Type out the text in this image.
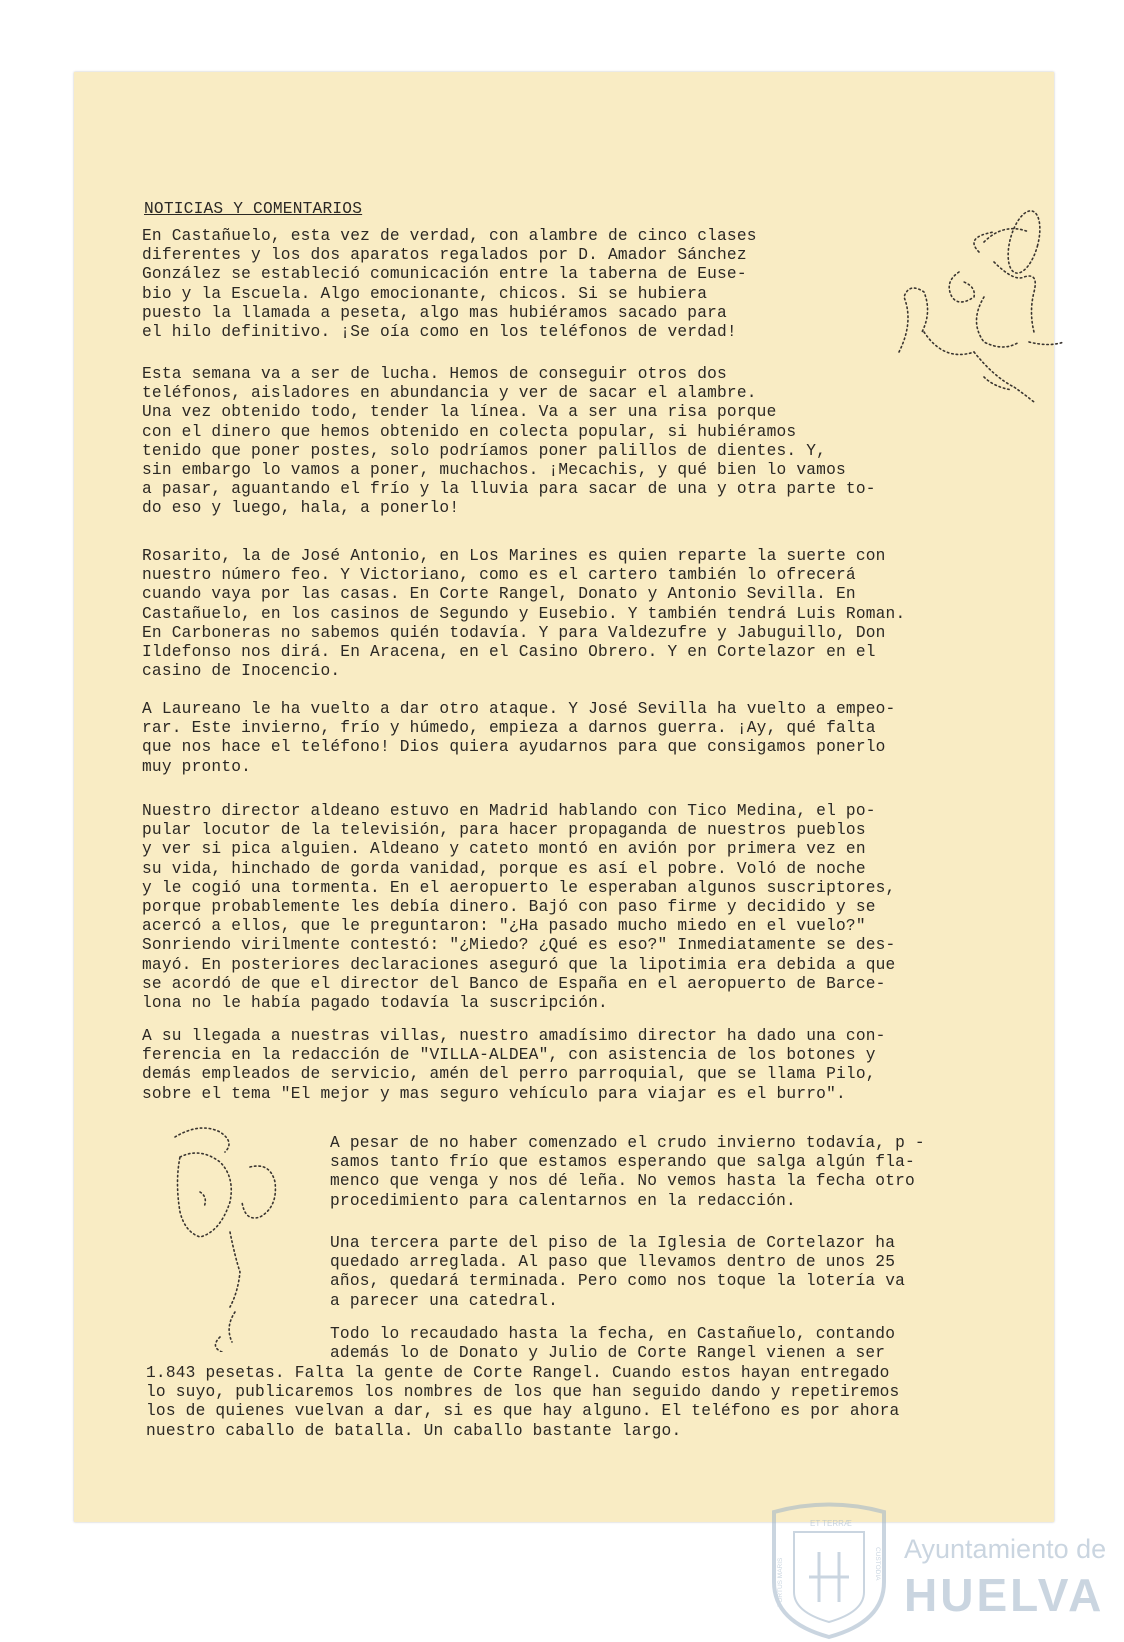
NOTICIAS_Y_COMENTARIOS

En Castañuelo, esta vez de verdad, con alambre de cinco clases
diferentes y los dos aparatos regalados por D. Amador Sánchez
González se estableció comunicación entre la taberna de Euse-
bio y la Escuela. Algo emocionante, chicos. Si se hubiera
puesto la llamada a peseta, algo mas hubiéramos sacado para
el hilo definitivo. ¡Se oía como en los teléfonos de verdad!

Esta semana va a ser de lucha. Hemos de conseguir otros dos
teléfonos, aisladores en abundancia y ver de sacar el alambre.
Una vez obtenido todo, tender la línea. Va a ser una risa porque
con el dinero que hemos obtenido en colecta popular, si hubiéramos
tenido que poner postes, solo podríamos poner palillos de dientes. Y,
sin embargo lo vamos a poner, muchachos. ¡Mecachis, y qué bien lo vamos
a pasar, aguantando el frío y la lluvia para sacar de una y otra parte to-
do eso y luego, hala, a ponerlo!

Rosarito, la de José Antonio, en Los Marines es quien reparte la suerte con
nuestro número feo. Y Victoriano, como es el cartero también lo ofrecerá
cuando vaya por las casas. En Corte Rangel, Donato y Antonio Sevilla. En
Castañuelo, en los casinos de Segundo y Eusebio. Y también tendrá Luis Roman.
En Carboneras no sabemos quién todavía. Y para Valdezufre y Jabuguillo, Don
Ildefonso nos dirá. En Aracena, en el Casino Obrero. Y en Cortelazor en el
casino de Inocencio.

A Laureano le ha vuelto a dar otro ataque. Y José Sevilla ha vuelto a empeo-
rar. Este invierno, frío y húmedo, empieza a darnos guerra. ¡Ay, qué falta
que nos hace el teléfono! Dios quiera ayudarnos para que consigamos ponerlo
muy pronto.

Nuestro director aldeano estuvo en Madrid hablando con Tico Medina, el po-
pular locutor de la televisión, para hacer propaganda de nuestros pueblos
y ver si pica alguien. Aldeano y cateto montó en avión por primera vez en
su vida, hinchado de gorda vanidad, porque es así el pobre. Voló de noche
y le cogió una tormenta. En el aeropuerto le esperaban algunos suscriptores,
porque probablemente les debía dinero. Bajó con paso firme y decidido y se
acercó a ellos, que le preguntaron: "¿Ha pasado mucho miedo en el vuelo?"
Sonriendo virilmente contestó: "¿Miedo? ¿Qué es eso?" Inmediatamente se des-
mayó. En posteriores declaraciones aseguró que la lipotimia era debida a que
se acordó de que el director del Banco de España en el aeropuerto de Barce-
lona no le había pagado todavía la suscripción.

A su llegada a nuestras villas, nuestro amadísimo director ha dado una con-
ferencia en la redacción de "VILLA-ALDEA", con asistencia de los botones y
demás empleados de servicio, amén del perro parroquial, que se llama Pilo,
sobre el tema "El mejor y mas seguro vehículo para viajar es el burro".

A pesar de no haber comenzado el crudo invierno todavía, p -
samos tanto frío que estamos esperando que salga algún fla-
menco que venga y nos dé leña. No vemos hasta la fecha otro
procedimiento para calentarnos en la redacción.

Una tercera parte del piso de la Iglesia de Cortelazor ha
quedado arreglada. Al paso que llevamos dentro de unos 25
años, quedará terminada. Pero como nos toque la lotería va
a parecer una catedral.

Todo lo recaudado hasta la fecha, en Castañuelo, contando
además lo de Donato y Julio de Corte Rangel vienen a ser

1.843 pesetas. Falta la gente de Corte Rangel. Cuando estos hayan entregado
lo suyo, publicaremos los nombres de los que han seguido dando y repetiremos
los de quienes vuelvan a dar, si es que hay alguno. El teléfono es por ahora
nuestro caballo de batalla. Un caballo bastante largo.

ET TERRÆ
PORTUS MARIS	CUSTODIA Ayuntamiento de
HUELVA
